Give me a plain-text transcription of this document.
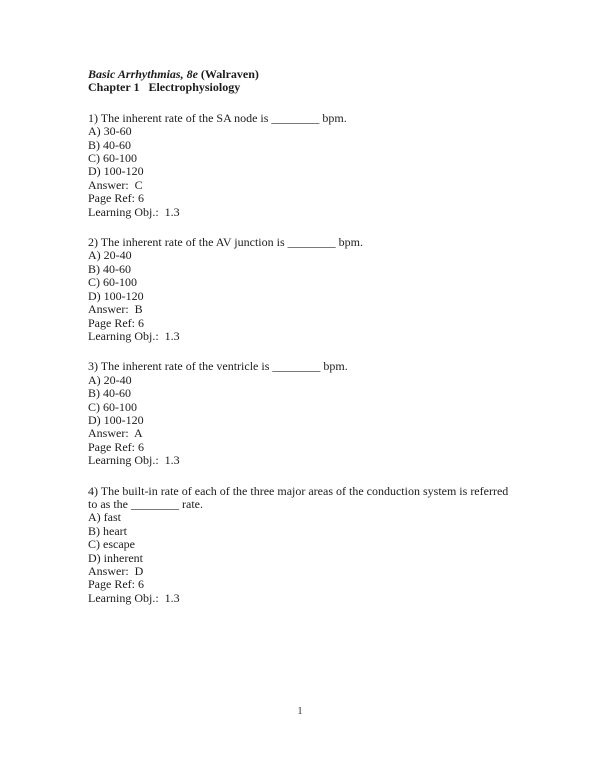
Basic Arrhythmias, 8e (Walraven)
Chapter 1   Electrophysiology
1) The inherent rate of the SA node is ________ bpm.
A) 30-60
B) 40-60
C) 60-100
D) 100-120
Answer:  C
Page Ref: 6
Learning Obj.:  1.3
2) The inherent rate of the AV junction is ________ bpm.
A) 20-40
B) 40-60
C) 60-100
D) 100-120
Answer:  B
Page Ref: 6
Learning Obj.:  1.3
3) The inherent rate of the ventricle is ________ bpm.
A) 20-40
B) 40-60
C) 60-100
D) 100-120
Answer:  A
Page Ref: 6
Learning Obj.:  1.3
4) The built-in rate of each of the three major areas of the conduction system is referred to as the ________ rate.
A) fast
B) heart
C) escape
D) inherent
Answer:  D
Page Ref: 6
Learning Obj.:  1.3
1
